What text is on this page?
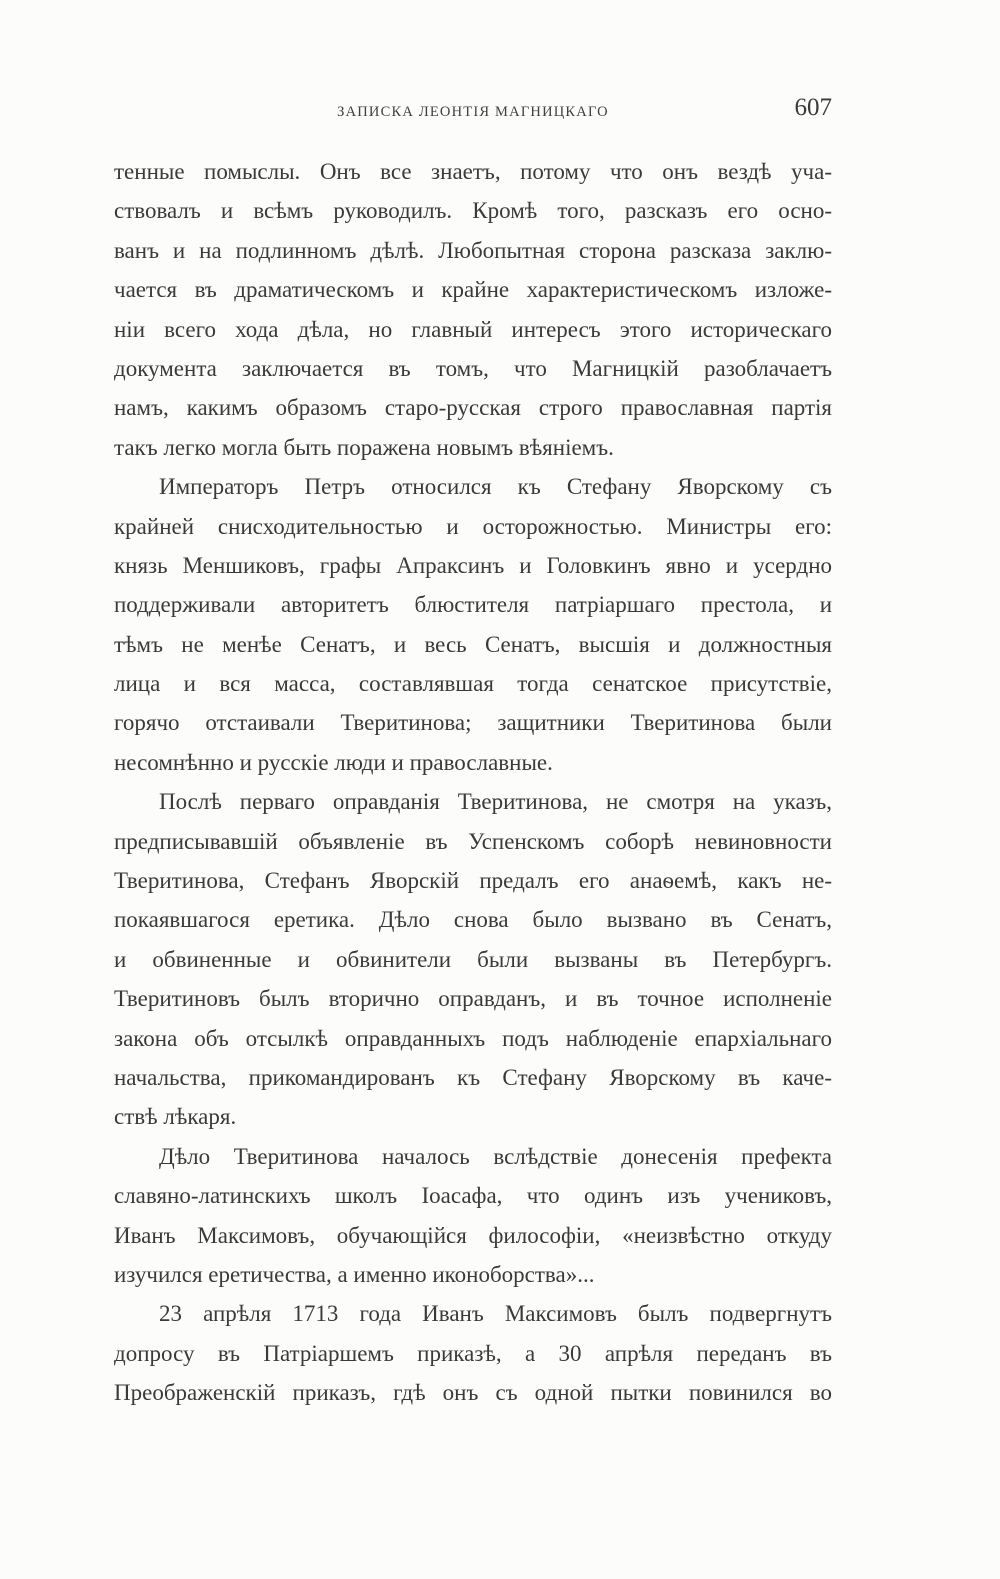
ЗАПИСКА ЛЕОНТІЯ МАГНИЦКАГО	607
тенные помыслы. Онъ все знаетъ, потому что онъ вездѣ уча-
ствовалъ и всѣмъ руководилъ. Кромѣ того, разсказъ его осно-
ванъ и на подлинномъ дѣлѣ. Любопытная сторона разсказа заклю-
чается въ драматическомъ и крайне характеристическомъ изложе-
ніи всего хода дѣла, но главный интересъ этого историческаго
документа заключается въ томъ, что Магницкій разоблачаетъ
намъ, какимъ образомъ старо-русская строго православная партія
такъ легко могла быть поражена новымъ вѣяніемъ.
Императоръ Петръ относился къ Стефану Яворскому съ
крайней снисходительностью и осторожностью. Министры его:
князь Меншиковъ, графы Апраксинъ и Головкинъ явно и усердно
поддерживали авторитетъ блюстителя патріаршаго престола, и
тѣмъ не менѣе Сенатъ, и весь Сенатъ, высшія и должностныя
лица и вся масса, составлявшая тогда сенатское присутствіе,
горячо отстаивали Тверитинова; защитники Тверитинова были
несомнѣнно и русскіе люди и православные.
Послѣ перваго оправданія Тверитинова, не смотря на указъ,
предписывавшій объявленіе въ Успенскомъ соборѣ невиновности
Тверитинова, Стефанъ Яворскій предалъ его анаѳемѣ, какъ не-
покаявшагося еретика. Дѣло снова было вызвано въ Сенатъ,
и обвиненные и обвинители были вызваны въ Петербургъ.
Тверитиновъ былъ вторично оправданъ, и въ точное исполненіе
закона объ отсылкѣ оправданныхъ подъ наблюденіе епархіальнаго
начальства, прикомандированъ къ Стефану Яворскому въ каче-
ствѣ лѣкаря.
Дѣло Тверитинова началось вслѣдствіе донесенія префекта
славяно-латинскихъ школъ Іоасафа, что одинъ изъ учениковъ,
Иванъ Максимовъ, обучающійся философіи, «неизвѣстно откуду
изучился еретичества, а именно иконоборства»...
23 апрѣля 1713 года Иванъ Максимовъ былъ подвергнутъ
допросу въ Патріаршемъ приказѣ, а 30 апрѣля переданъ въ
Преображенскій приказъ, гдѣ онъ съ одной пытки повинился во
